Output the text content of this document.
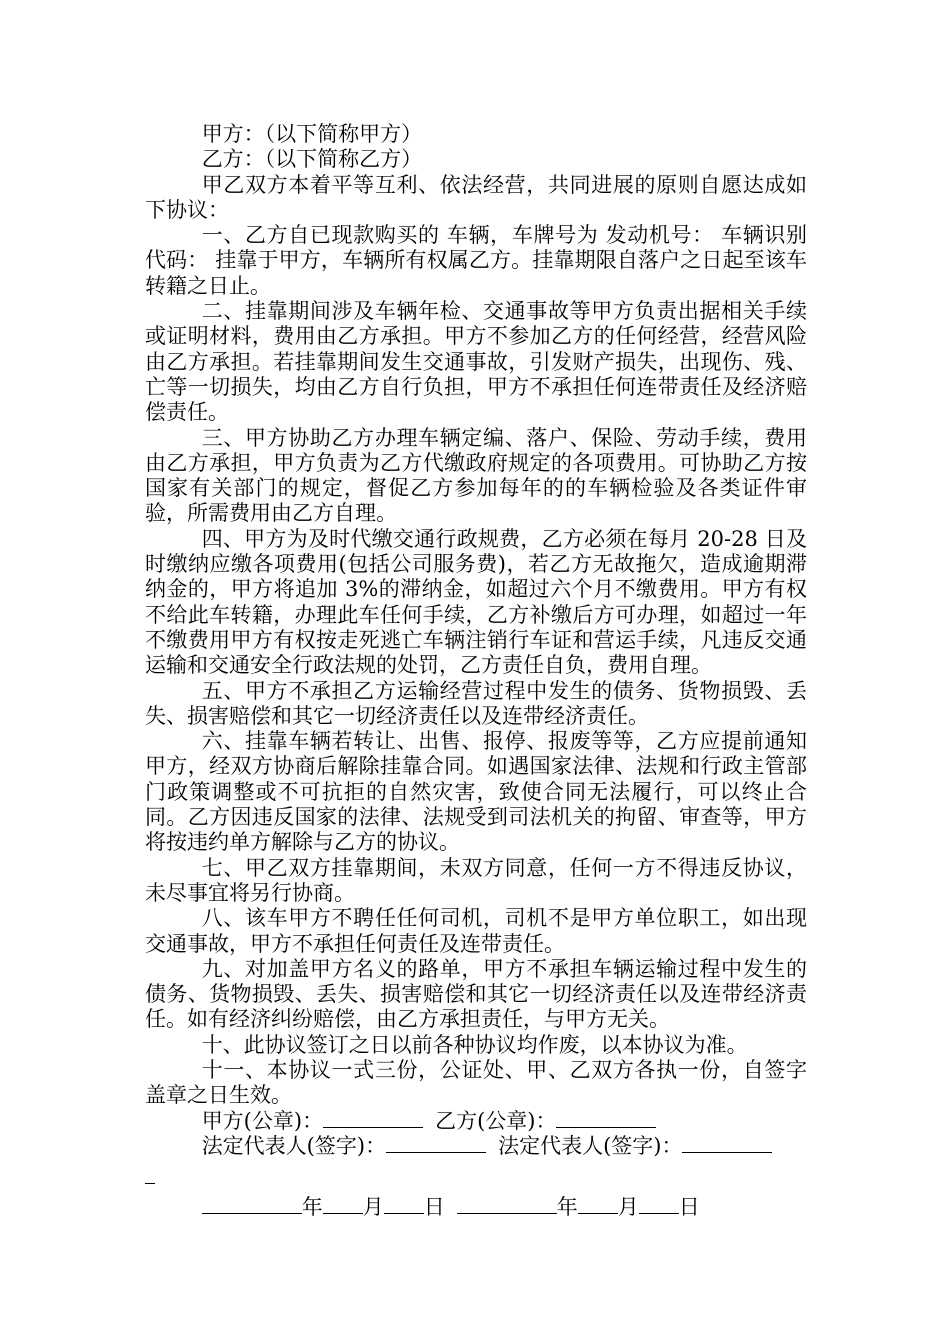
甲方：（以下简称甲方）

乙方：（以下简称乙方）

甲乙双方本着平等互利、依法经营，共同进展的原则自愿达成如下协议：

一、乙方自已现款购买的 车辆，车牌号为 发动机号： 车辆识别代码： 挂靠于甲方，车辆所有权属乙方。挂靠期限自落户之日起至该车转籍之日止。

二、挂靠期间涉及车辆年检、交通事故等甲方负责出据相关手续或证明材料，费用由乙方承担。甲方不参加乙方的任何经营，经营风险由乙方承担。若挂靠期间发生交通事故，引发财产损失，出现伤、残、亡等一切损失，均由乙方自行负担，甲方不承担任何连带责任及经济赔偿责任。

三、甲方协助乙方办理车辆定编、落户、保险、劳动手续，费用由乙方承担，甲方负责为乙方代缴政府规定的各项费用。可协助乙方按国家有关部门的规定，督促乙方参加每年的的车辆检验及各类证件审验，所需费用由乙方自理。

四、甲方为及时代缴交通行政规费，乙方必须在每月 20-28 日及时缴纳应缴各项费用(包括公司服务费)，若乙方无故拖欠，造成逾期滞纳金的，甲方将追加 3%的滞纳金，如超过六个月不缴费用。甲方有权不给此车转籍，办理此车任何手续，乙方补缴后方可办理，如超过一年不缴费用甲方有权按走死逃亡车辆注销行车证和营运手续，凡违反交通运输和交通安全行政法规的处罚，乙方责任自负，费用自理。

五、甲方不承担乙方运输经营过程中发生的债务、货物损毁、丢失、损害赔偿和其它一切经济责任以及连带经济责任。

六、挂靠车辆若转让、出售、报停、报废等等，乙方应提前通知甲方，经双方协商后解除挂靠合同。如遇国家法律、法规和行政主管部门政策调整或不可抗拒的自然灾害，致使合同无法履行，可以终止合同。乙方因违反国家的法律、法规受到司法机关的拘留、审查等，甲方将按违约单方解除与乙方的协议。

七、甲乙双方挂靠期间，未双方同意，任何一方不得违反协议，未尽事宜将另行协商。

八、该车甲方不聘任任何司机，司机不是甲方单位职工，如出现交通事故，甲方不承担任何责任及连带责任。

九、对加盖甲方名义的路单，甲方不承担车辆运输过程中发生的债务、货物损毁、丢失、损害赔偿和其它一切经济责任以及连带经济责任。如有经济纠纷赔偿，由乙方承担责任，与甲方无关。

十、此协议签订之日以前各种协议均作废，以本协议为准。

十一、本协议一式三份，公证处、甲、乙双方各执一份，自签字盖章之日生效。

甲方(公章)：	乙方(公章)：
法定代表人(签字)：	法定代表人(签字)：
年 月 日	年 月 日
